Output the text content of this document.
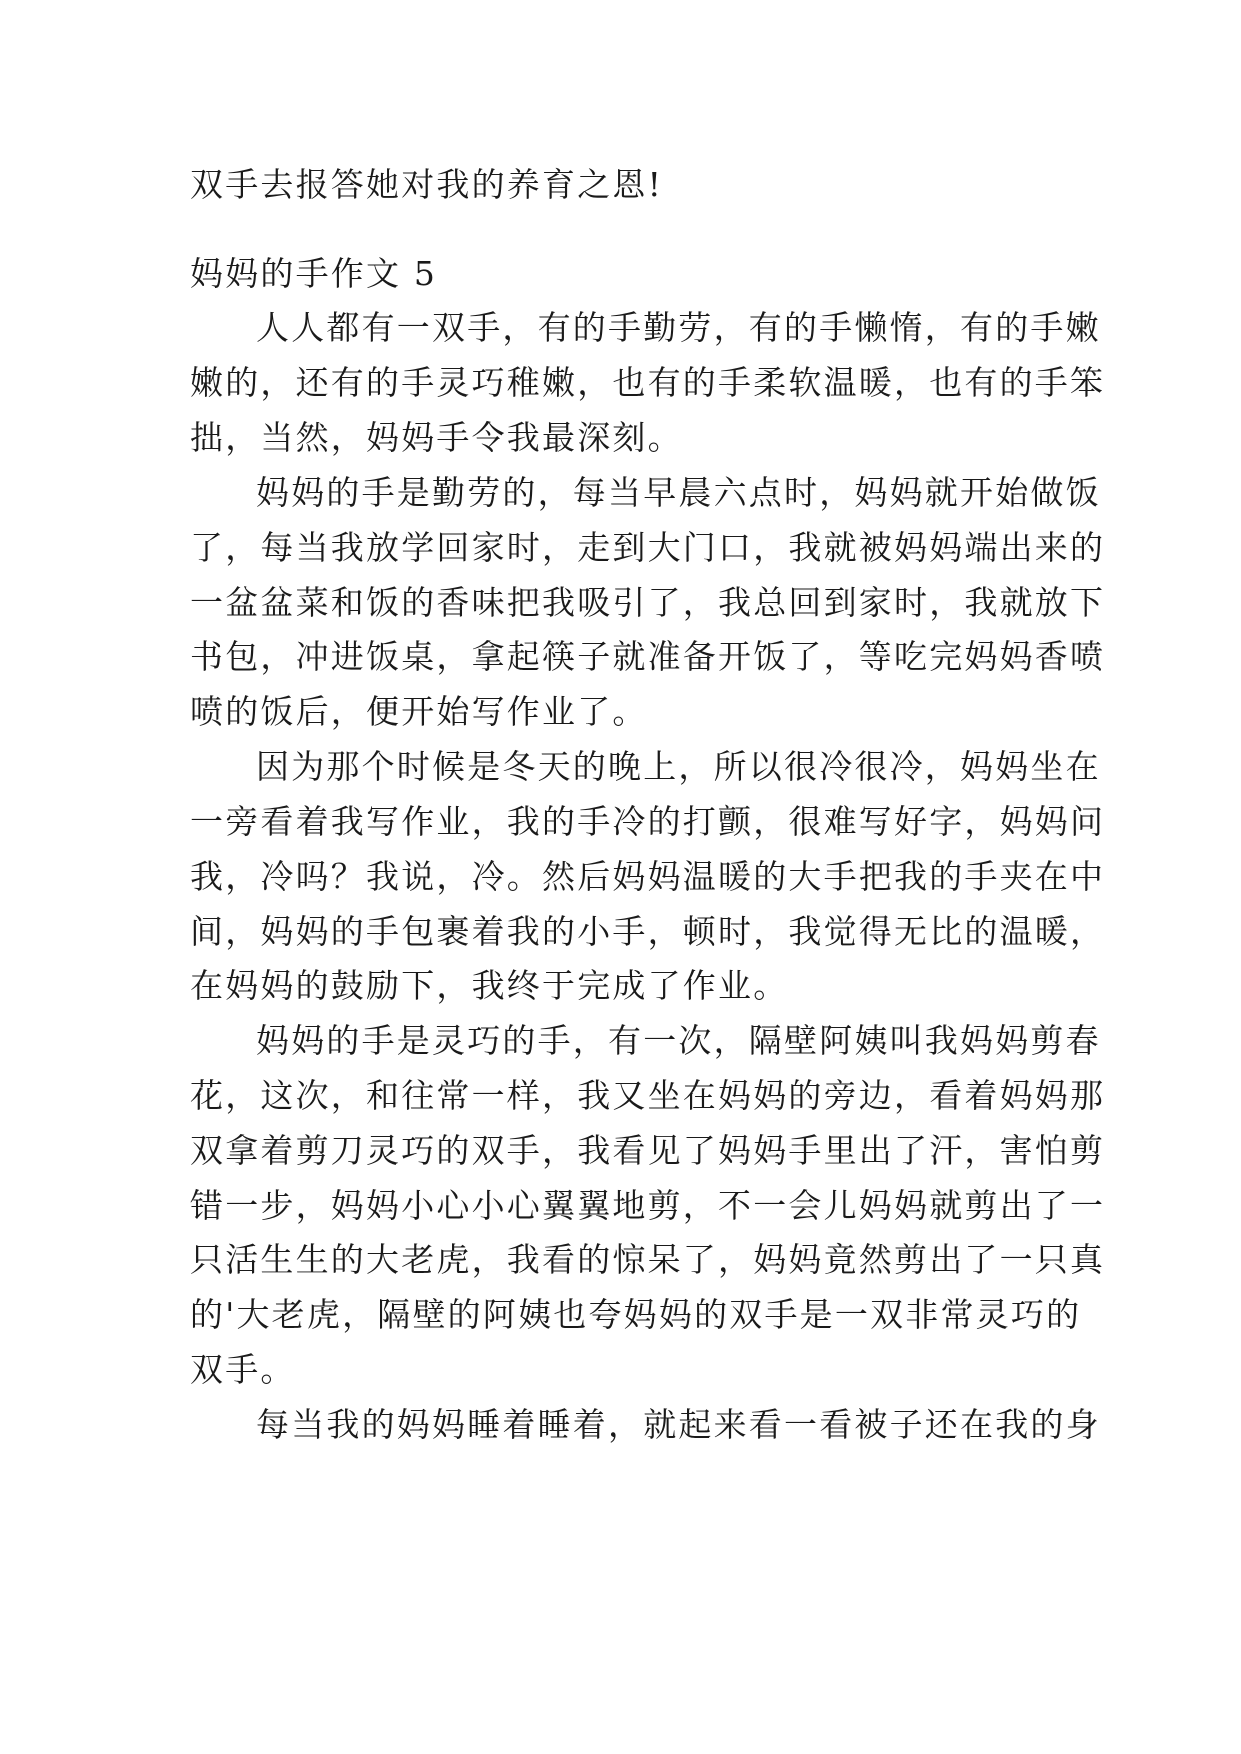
双手去报答她对我的养育之恩!
妈妈的手作文 5
人人都有一双手，有的手勤劳，有的手懒惰，有的手嫩
嫩的，还有的手灵巧稚嫩，也有的手柔软温暖，也有的手笨
拙，当然，妈妈手令我最深刻。
妈妈的手是勤劳的，每当早晨六点时，妈妈就开始做饭
了，每当我放学回家时，走到大门口，我就被妈妈端出来的
一盆盆菜和饭的香味把我吸引了，我总回到家时，我就放下
书包，冲进饭桌，拿起筷子就准备开饭了，等吃完妈妈香喷
喷的饭后，便开始写作业了。
因为那个时候是冬天的晚上，所以很冷很冷，妈妈坐在
一旁看着我写作业，我的手冷的打颤，很难写好字，妈妈问
我，冷吗？我说，冷。然后妈妈温暖的大手把我的手夹在中
间，妈妈的手包裹着我的小手，顿时，我觉得无比的温暖，
在妈妈的鼓励下，我终于完成了作业。
妈妈的手是灵巧的手，有一次，隔壁阿姨叫我妈妈剪春
花，这次，和往常一样，我又坐在妈妈的旁边，看着妈妈那
双拿着剪刀灵巧的双手，我看见了妈妈手里出了汗，害怕剪
错一步，妈妈小心小心翼翼地剪，不一会儿妈妈就剪出了一
只活生生的大老虎，我看的惊呆了，妈妈竟然剪出了一只真
的'大老虎，隔壁的阿姨也夸妈妈的双手是一双非常灵巧的
双手。
每当我的妈妈睡着睡着，就起来看一看被子还在我的身
